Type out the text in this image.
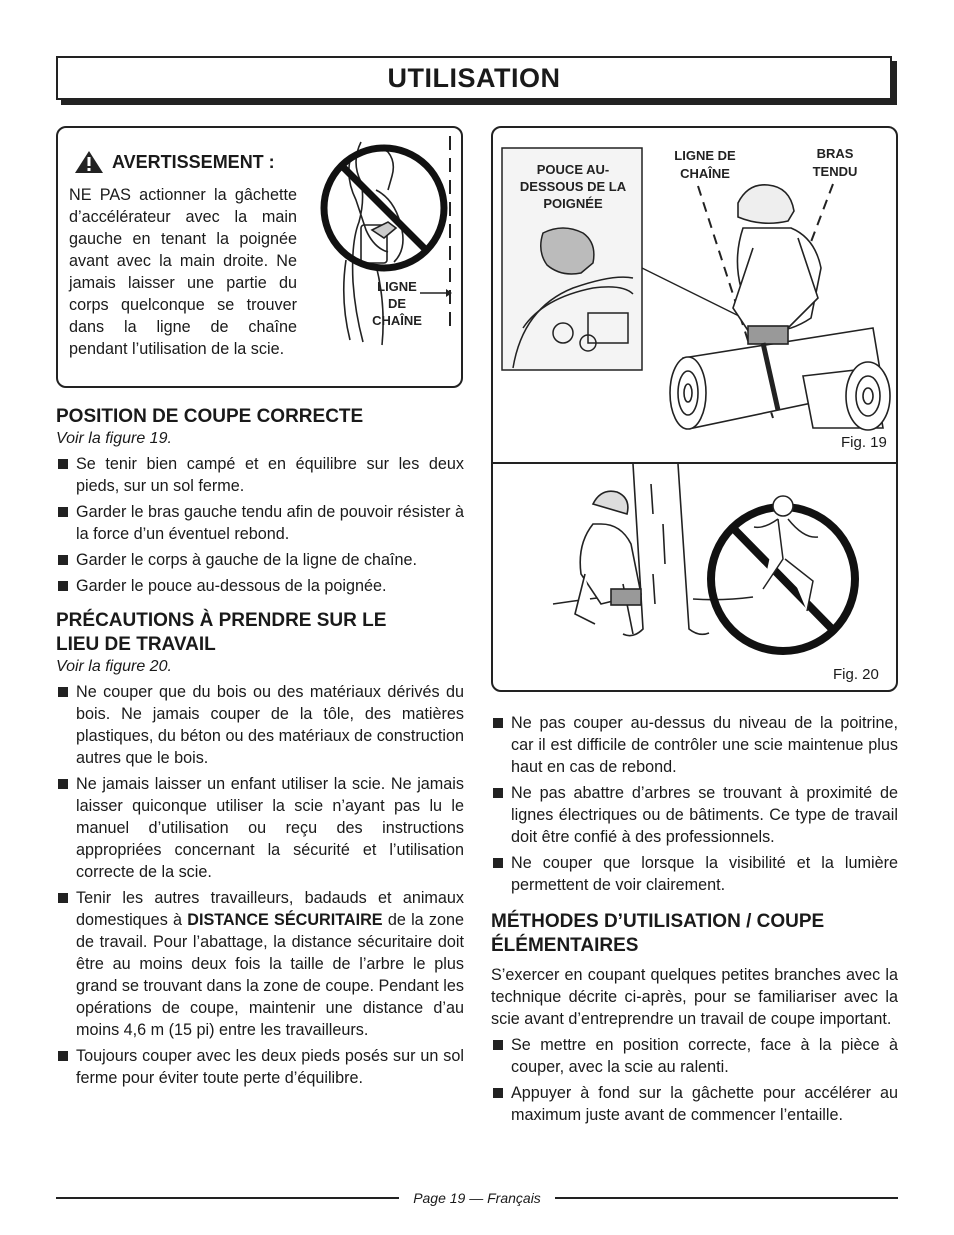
UTILISATION
AVERTISSEMENT :
NE PAS actionner la gâchette d’accélérateur avec la main gauche en tenant la poignée avant avec la main droite. Ne jamais laisser une partie du corps quelconque se trouver dans la ligne de chaîne pendant l’utilisation de la scie.
LIGNE
DE
CHAÎNE
POUCE AU-
DESSOUS DE LA
POIGNÉE
LIGNE DE
CHAÎNE
BRAS
TENDU
Fig. 19
Fig. 20
POSITION DE COUPE CORRECTE
Voir la figure 19.
Se tenir bien campé et en équilibre sur les deux pieds, sur un sol ferme.
Garder le bras gauche tendu afin de pouvoir résister à la force d’un éventuel rebond.
Garder le corps à gauche de la ligne de chaîne.
Garder le pouce au-dessous de la poignée.
PRÉCAUTIONS À PRENDRE SUR LE
LIEU DE TRAVAIL
Voir la figure 20.
Ne couper que du bois ou des matériaux dérivés du bois. Ne jamais couper de la tôle, des matières plastiques, du béton ou des matériaux de construction autres que le bois.
Ne jamais laisser un enfant utiliser la scie. Ne jamais laisser quiconque utiliser la scie n’ayant pas lu le manuel d’utilisation ou reçu des instructions appropriées concernant la sécurité et l’utilisation correcte de la scie.
Tenir les autres travailleurs, badauds et animaux domestiques à DISTANCE SÉCURITAIRE de la zone de travail. Pour l’abattage, la distance sécuritaire doit être au moins deux fois la taille de l’arbre le plus grand se trouvant dans la zone de coupe. Pendant les opérations de coupe, maintenir une distance d’au moins 4,6 m (15 pi) entre les travailleurs.
Toujours couper avec les deux pieds posés sur un sol ferme pour éviter toute perte d’équilibre.
Ne pas couper au-dessus du niveau de la poitrine, car il est difficile de contrôler une scie maintenue plus haut en cas de rebond.
Ne pas abattre d’arbres se trouvant à proximité de lignes électriques ou de bâtiments. Ce type de travail doit être confié à des professionnels.
Ne couper que lorsque la visibilité et la lumière permettent de voir clairement.
MÉTHODES D’UTILISATION / COUPE
ÉLÉMENTAIRES

S’exercer en coupant quelques petites branches avec la technique décrite ci-après, pour se familiariser avec la scie avant d’entreprendre un travail de coupe important.

Se mettre en position correcte, face à la pièce à couper, avec la scie au ralenti.
Appuyer à fond sur la gâchette pour accélérer au maximum juste avant de commencer l’entaille.
Page 19 — Français
